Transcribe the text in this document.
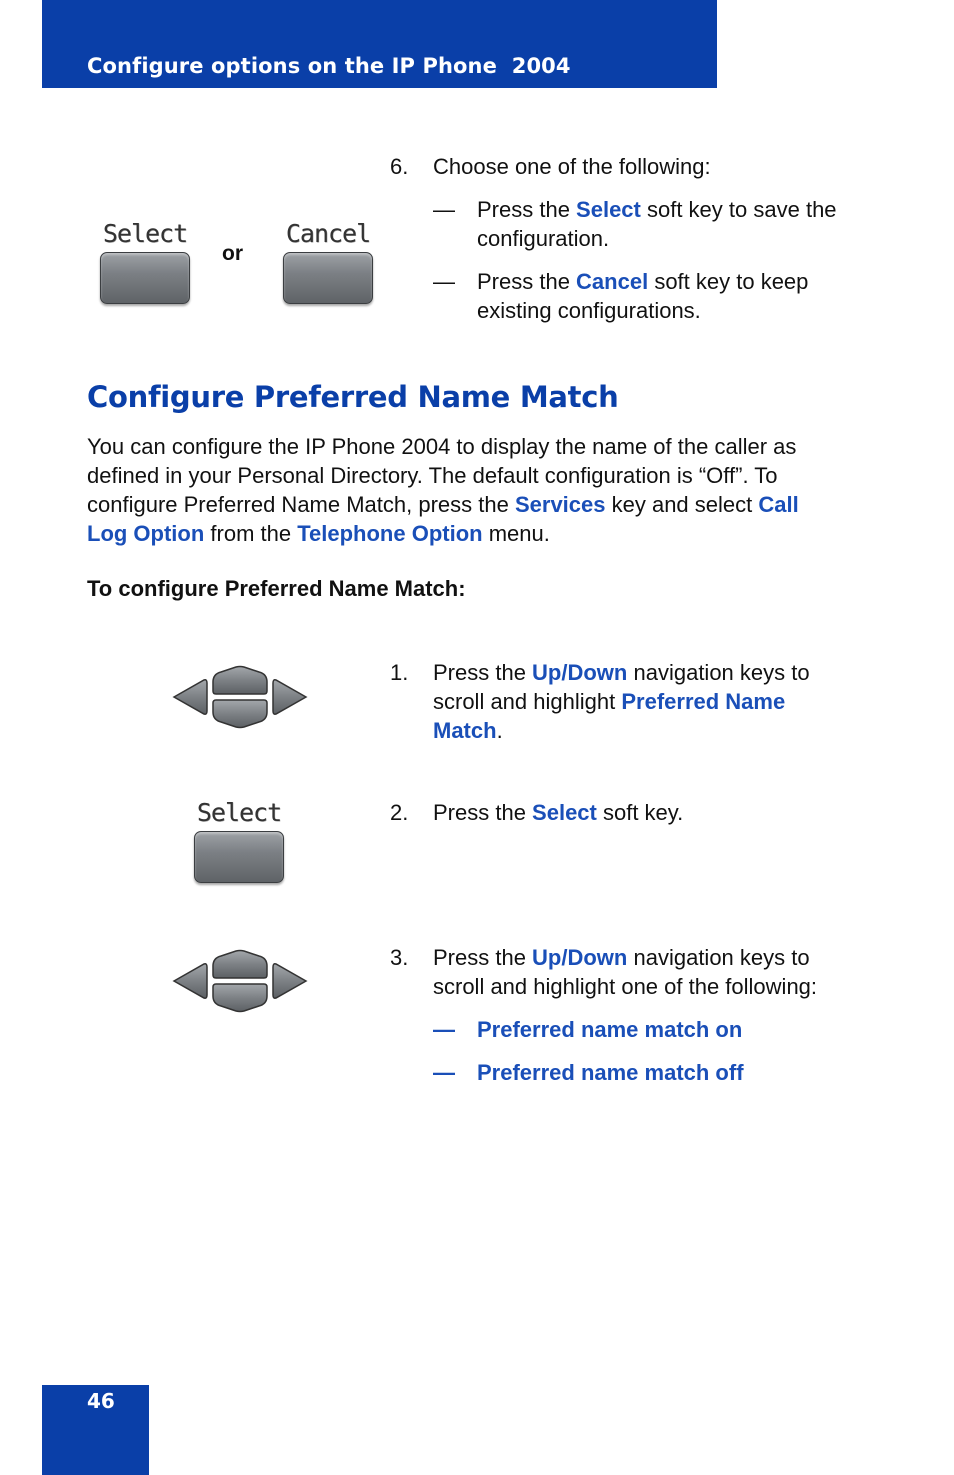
Configure options on the IP Phone  2004
Select
or
Cancel
6. Choose one of the following:
— Press the Select soft key to save the
configuration.
— Press the Cancel soft key to keep
existing configurations.
Configure Preferred Name Match
You can configure the IP Phone 2004 to display the name of the caller as
defined in your Personal Directory. The default configuration is “Off”. To
configure Preferred Name Match, press the Services key and select Call
Log Option from the Telephone Option menu.
To configure Preferred Name Match:
1. Press the Up/Down navigation keys to
scroll and highlight Preferred Name
Match.
Select	2. Press the Select soft key.
3. Press the Up/Down navigation keys to
scroll and highlight one of the following:
— Preferred name match on
— Preferred name match off
46
